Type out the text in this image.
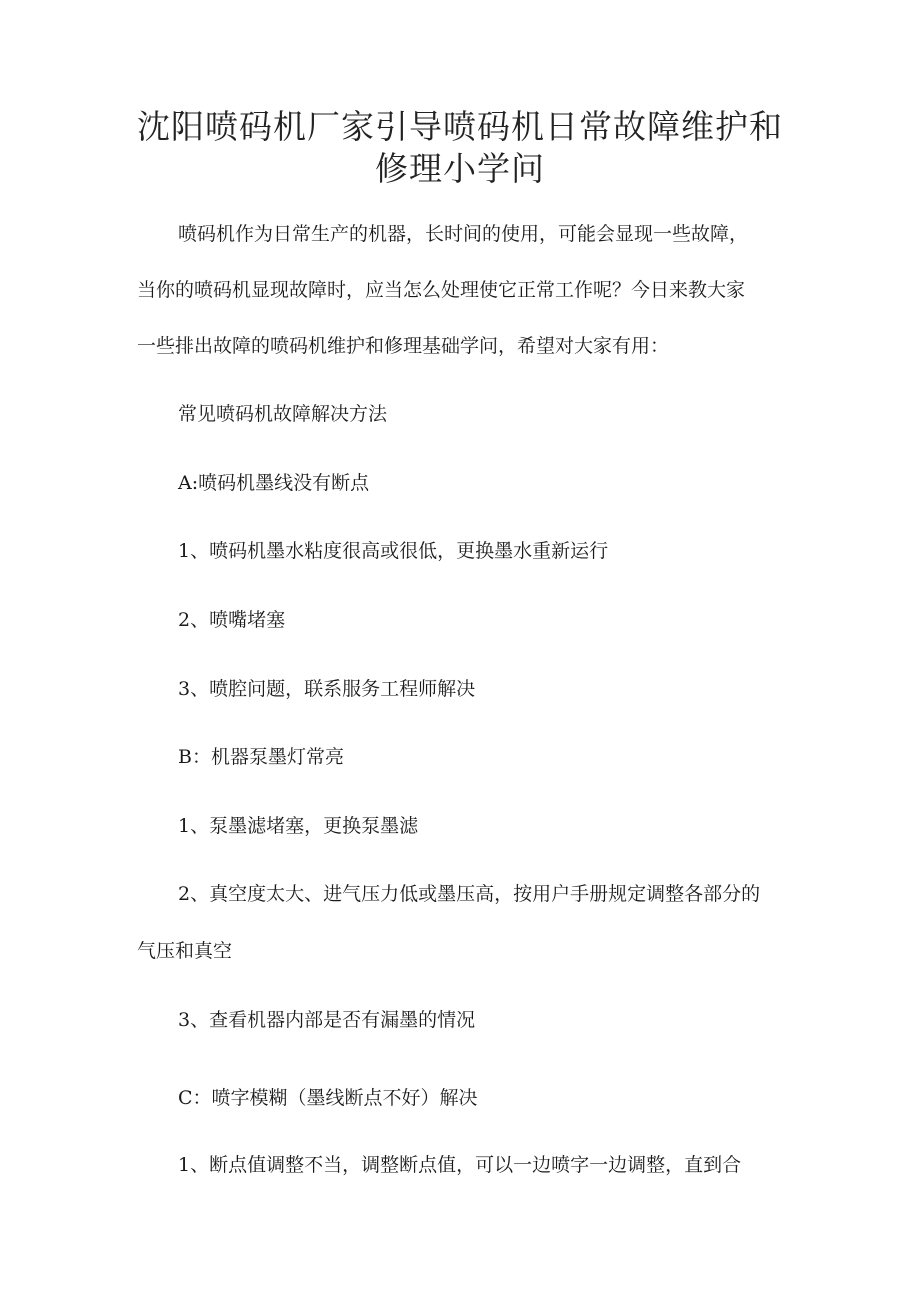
沈阳喷码机厂家引导喷码机日常故障维护和
修理小学问
喷码机作为日常生产的机器，长时间的使用，可能会显现一些故障，
当你的喷码机显现故障时，应当怎么处理使它正常工作呢？今日来教大家
一些排出故障的喷码机维护和修理基础学问，希望对大家有用：
常见喷码机故障解决方法
A:喷码机墨线没有断点
1、喷码机墨水粘度很高或很低，更换墨水重新运行
2、喷嘴堵塞
3、喷腔问题，联系服务工程师解决
B：机器泵墨灯常亮
1、泵墨滤堵塞，更换泵墨滤
2、真空度太大、进气压力低或墨压高，按用户手册规定调整各部分的
气压和真空
3、查看机器内部是否有漏墨的情况
C：喷字模糊（墨线断点不好）解决
1、断点值调整不当，调整断点值，可以一边喷字一边调整，直到合
